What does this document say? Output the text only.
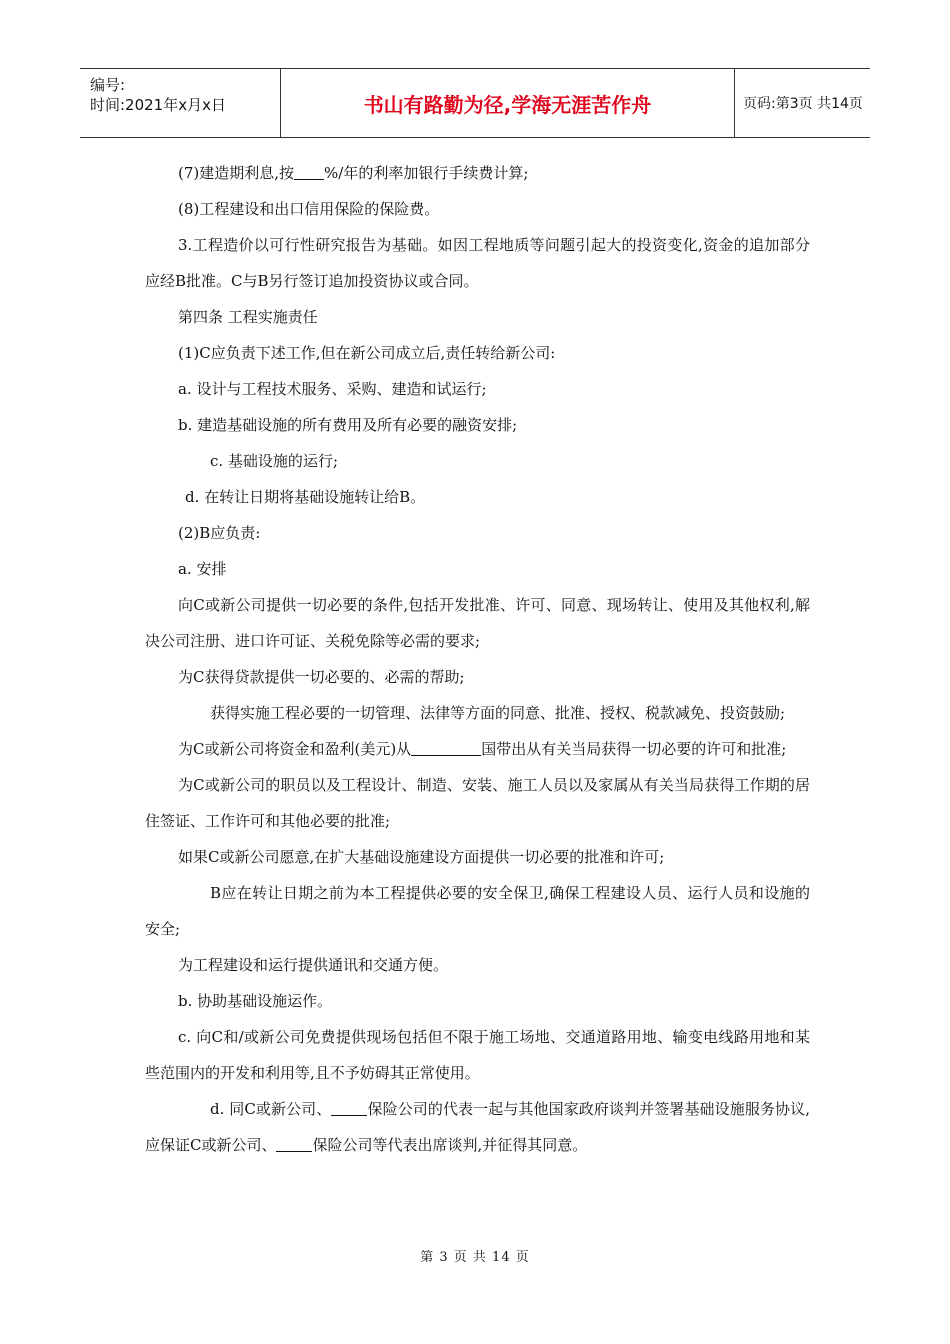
编号:
时间:2021年x月x日	书山有路勤为径,学海无涯苦作舟	页码:第3页 共14页

(7)建造期利息,按 %/年的利率加银行手续费计算;

(8)工程建设和出口信用保险的保险费。

3.工程造价以可行性研究报告为基础。如因工程地质等问题引起大的投资变化,资金的追加部分应经B批准。C与B另行签订追加投资协议或合同。

第四条 工程实施责任

(1)C应负责下述工作,但在新公司成立后,责任转给新公司:

a. 设计与工程技术服务、采购、建造和试运行;

b. 建造基础设施的所有费用及所有必要的融资安排;

c. 基础设施的运行;

d. 在转让日期将基础设施转让给B。

(2)B应负责:

a. 安排

向C或新公司提供一切必要的条件,包括开发批准、许可、同意、现场转让、使用及其他权利,解决公司注册、进口许可证、关税免除等必需的要求;

为C获得贷款提供一切必要的、必需的帮助;

获得实施工程必要的一切管理、法律等方面的同意、批准、授权、税款减免、投资鼓励;

为C或新公司将资金和盈利(美元)从	国带出从有关当局获得一切必要的许可和批准;

为C或新公司的职员以及工程设计、制造、安装、施工人员以及家属从有关当局获得工作期的居住签证、工作许可和其他必要的批准;

如果C或新公司愿意,在扩大基础设施建设方面提供一切必要的批准和许可;

B应在转让日期之前为本工程提供必要的安全保卫,确保工程建设人员、运行人员和设施的安全;

为工程建设和运行提供通讯和交通方便。

b. 协助基础设施运作。

c. 向C和/或新公司免费提供现场包括但不限于施工场地、交通道路用地、输变电线路用地和某些范围内的开发和利用等,且不予妨碍其正常使用。

d. 同C或新公司、 保险公司的代表一起与其他国家政府谈判并签署基础设施服务协议,应保证C或新公司、 保险公司等代表出席谈判,并征得其同意。

第 3 页 共 14 页
